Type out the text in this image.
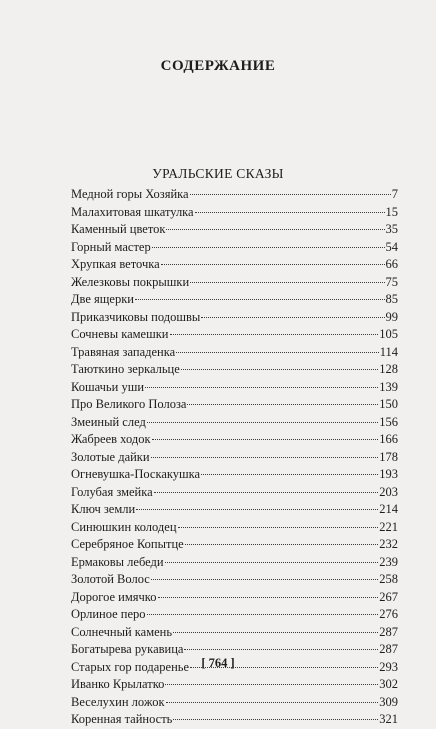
СОДЕРЖАНИЕ
УРАЛЬСКИЕ СКАЗЫ
Медной горы Хозяйка	7
Малахитовая шкатулка	15
Каменный цветок	35
Горный мастер	54
Хрупкая веточка	66
Железковы покрышки	75
Две ящерки	85
Приказчиковы подошвы	99
Сочневы камешки	105
Травяная западенка	114
Таюткино зеркальце	128
Кошачьи уши	139
Про Великого Полоза	150
Змеиный след	156
Жабреев ходок	166
Золотые дайки	178
Огневушка-Поскакушка	193
Голубая змейка	203
Ключ земли	214
Синюшкин колодец	221
Серебряное Копытце	232
Ермаковы лебеди	239
Золотой Волос	258
Дорогое имячко	267
Орлиное перо	276
Солнечный камень	287
Богатырева рукавица	287
Старых гор подаренье	293
Иванко Крылатко	302
Веселухин ложок	309
Коренная тайность	321
[ 764 ]
